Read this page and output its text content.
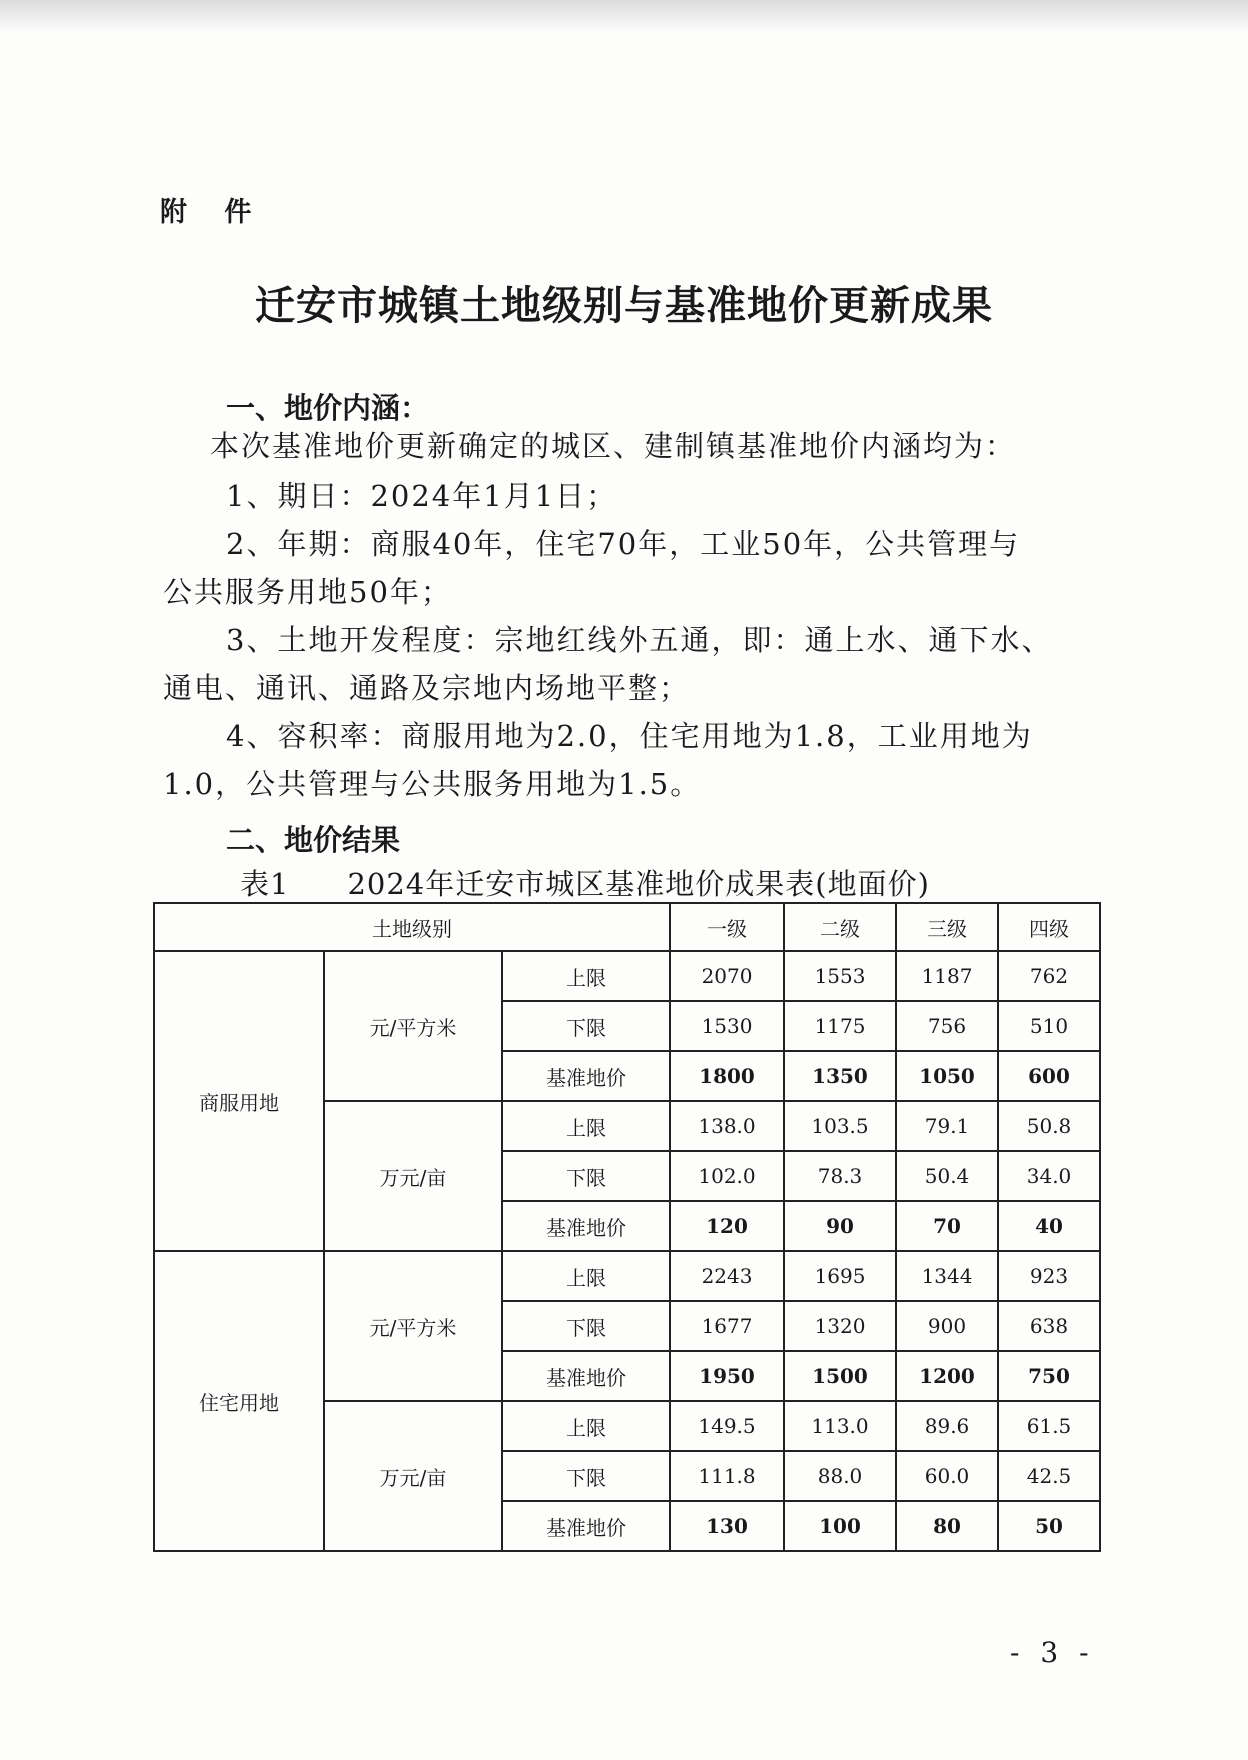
附 件
迁安市城镇土地级别与基准地价更新成果
一、地价内涵：
本次基准地价更新确定的城区、建制镇基准地价内涵均为：
1、期日：2024年1月1日；
2、年期：商服40年，住宅70年，工业50年，公共管理与
公共服务用地50年；
3、土地开发程度：宗地红线外五通，即：通上水、通下水、
通电、通讯、通路及宗地内场地平整；
4、容积率：商服用地为2.0，住宅用地为1.8，工业用地为
1.0，公共管理与公共服务用地为1.5。
二、地价结果
表1 2024年迁安市城区基准地价成果表(地面价)
土地级别			一级	二级	三级	四级
商服用地	元/平方米	上限	2070	1553	1187	762
		下限	1530	1175	756	510
		基准地价	1800	1350	1050	600
	万元/亩	上限	138.0	103.5	79.1	50.8
		下限	102.0	78.3	50.4	34.0
		基准地价	120	90	70	40
住宅用地	元/平方米	上限	2243	1695	1344	923
		下限	1677	1320	900	638
		基准地价	1950	1500	1200	750
	万元/亩	上限	149.5	113.0	89.6	61.5
		下限	111.8	88.0	60.0	42.5
		基准地价	130	100	80	50
- 3 -
